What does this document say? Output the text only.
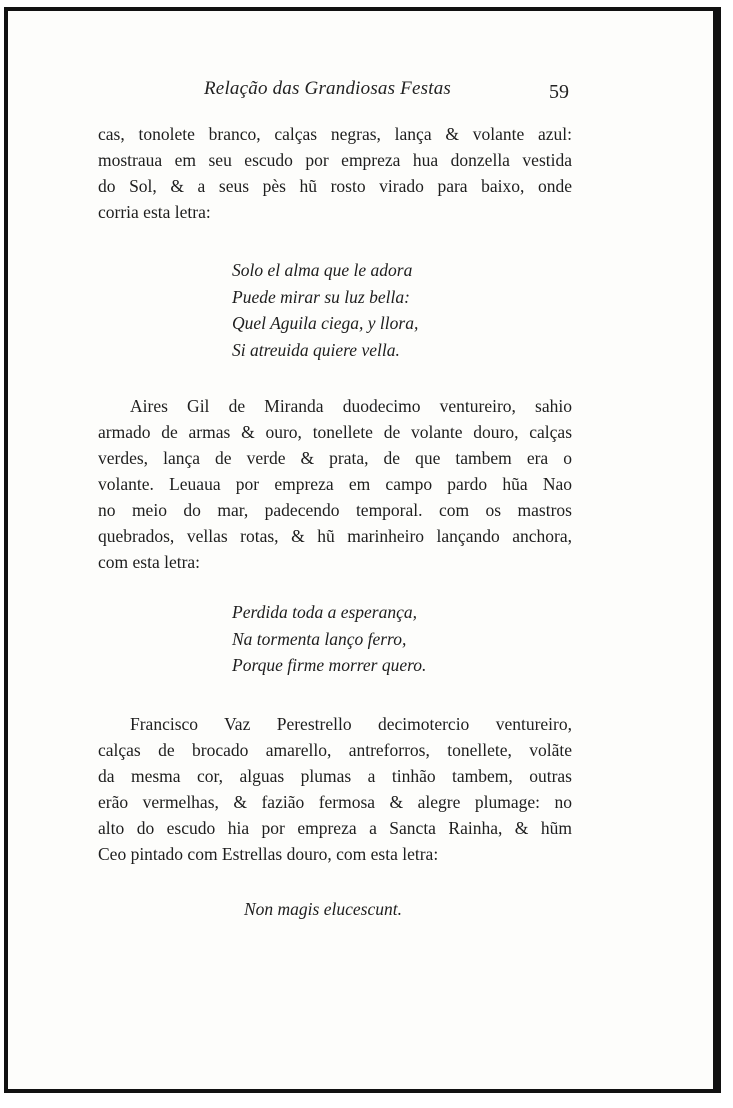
Relação das Grandiosas Festas	59
cas, tonolete branco, calças negras, lança & volante azul:
mostraua em seu escudo por empreza hua donzella vestida
do Sol, & a seus pès hũ rosto virado para baixo, onde
corria esta letra:
Solo el alma que le adora
Puede mirar su luz bella:
Quel Aguila ciega, y llora,
Si atreuida quiere vella.
Aires Gil de Miranda duodecimo ventureiro, sahio
armado de armas & ouro, tonellete de volante douro, calças
verdes, lança de verde & prata, de que tambem era o
volante. Leuaua por empreza em campo pardo hũa Nao
no meio do mar, padecendo temporal. com os mastros
quebrados, vellas rotas, & hũ marinheiro lançando anchora,
com esta letra:
Perdida toda a esperança,
Na tormenta lanço ferro,
Porque firme morrer quero.
Francisco Vaz Perestrello decimotercio ventureiro,
calças de brocado amarello, antreforros, tonellete, volãte
da mesma cor, alguas plumas a tinhão tambem, outras
erão vermelhas, & fazião fermosa & alegre plumage: no
alto do escudo hia por empreza a Sancta Rainha, & hũm
Ceo pintado com Estrellas douro, com esta letra:
Non magis elucescunt.
